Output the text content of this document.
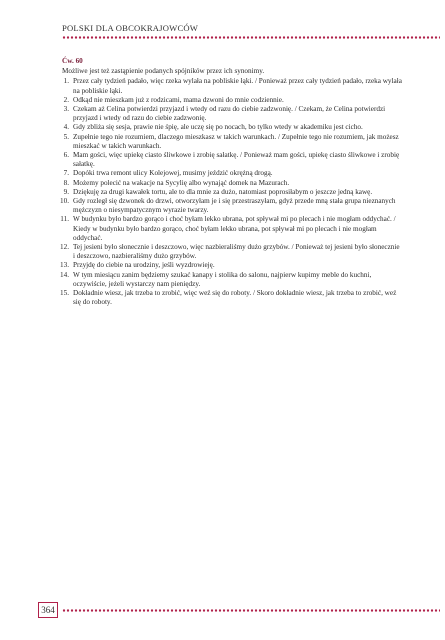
POLSKI DLA OBCOKRAJOWCÓW
Ćw. 60
Możliwe jest też zastąpienie podanych spójników przez ich synonimy.
1. Przez cały tydzień padało, więc rzeka wylała na pobliskie łąki. / Ponieważ przez cały tydzień padało, rzeka wylała na pobliskie łąki.
2. Odkąd nie mieszkam już z rodzicami, mama dzwoni do mnie codziennie.
3. Czekam aż Celina potwierdzi przyjazd i wtedy od razu do ciebie zadzwonię. / Czekam, że Celina potwierdzi przyjazd i wtedy od razu do ciebie zadzwonię.
4. Gdy zbliża się sesja, prawie nie śpię, ale uczę się po nocach, bo tylko wtedy w akademiku jest cicho.
5. Zupełnie tego nie rozumiem, dlaczego mieszkasz w takich warunkach. / Zupełnie tego nie rozumiem, jak możesz mieszkać w takich warunkach.
6. Mam gości, więc upiekę ciasto śliwkowe i zrobię sałatkę. / Ponieważ mam gości, upiekę ciasto śliwkowe i zrobię sałatkę.
7. Dopóki trwa remont ulicy Kolejowej, musimy jeździć okrężną drogą.
8. Możemy polecić na wakacje na Sycylię albo wynająć domek na Mazurach.
9. Dziękuję za drugi kawałek tortu, ale to dla mnie za dużo, natomiast poprosiłabym o jeszcze jedną kawę.
10. Gdy rozległ się dzwonek do drzwi, otworzyłam je i się przestraszyłam, gdyż przede mną stała grupa nieznanych mężczyzn o niesympatycznym wyrazie twarzy.
11. W budynku było bardzo gorąco i choć byłam lekko ubrana, pot spływał mi po plecach i nie mogłam oddychać. / Kiedy w budynku było bardzo gorąco, choć byłam lekko ubrana, pot spływał mi po plecach i nie mogłam oddychać.
12. Tej jesieni było słonecznie i deszczowo, więc nazbieraliśmy dużo grzybów. / Ponieważ tej jesieni było słonecznie i deszczowo, nazbieraliśmy dużo grzybów.
13. Przyjdę do ciebie na urodziny, jeśli wyzdrowieję.
14. W tym miesiącu zanim będziemy szukać kanapy i stolika do salonu, najpierw kupimy meble do kuchni, oczywiście, jeżeli wystarczy nam pieniędzy.
15. Dokładnie wiesz, jak trzeba to zrobić, więc weź się do roboty. / Skoro dokładnie wiesz, jak trzeba to zrobić, weź się do roboty.
364
